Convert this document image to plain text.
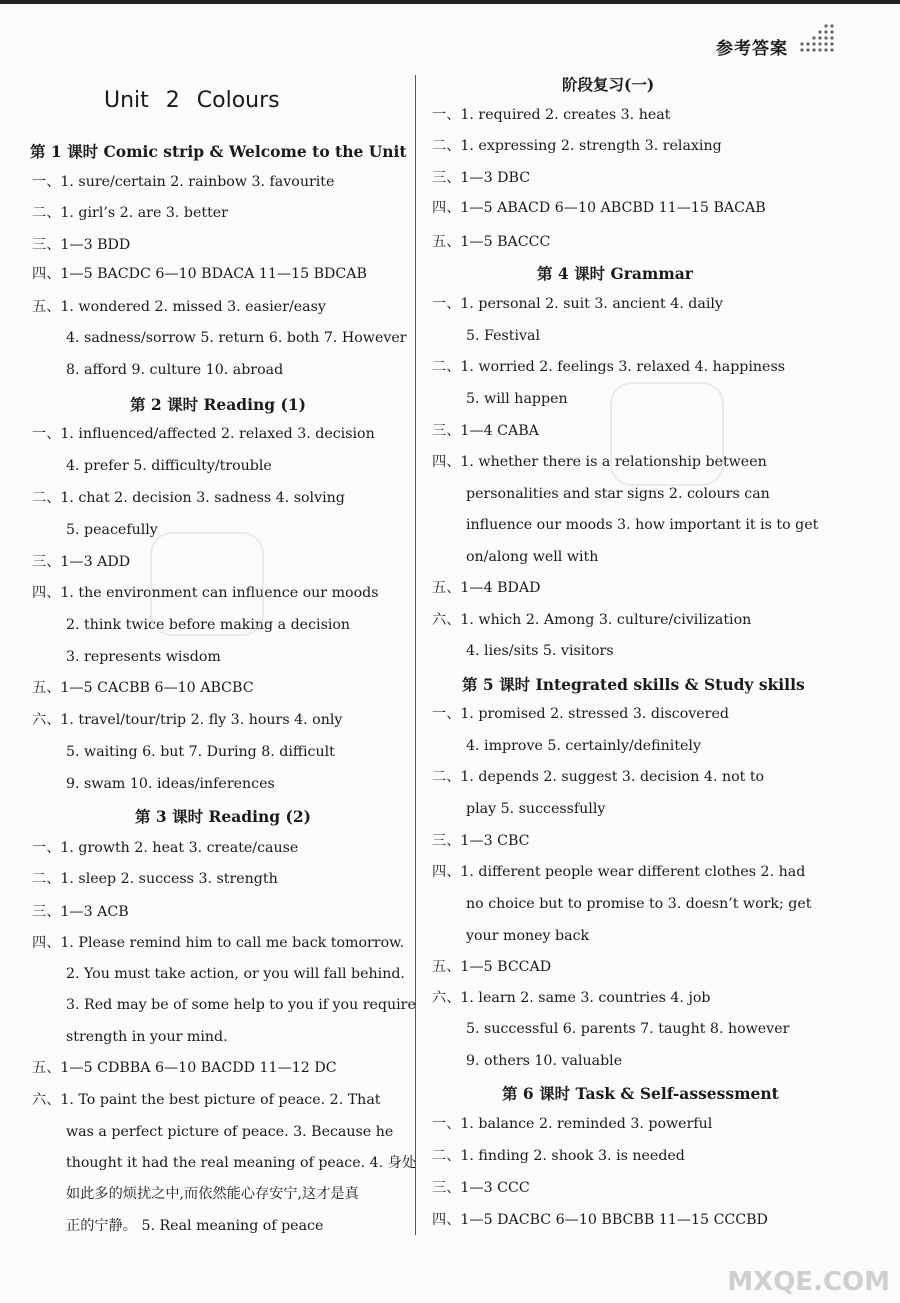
参考答案
Unit 2 Colours
第 1 课时 Comic strip & Welcome to the Unit
一、1. sure/certain 2. rainbow 3. favourite
二、1. girl’s 2. are 3. better
三、1—3 BDD
四、1—5 BACDC 6—10 BDACA 11—15 BDCAB
五、1. wondered 2. missed 3. easier/easy
4. sadness/sorrow 5. return 6. both 7. However
8. afford 9. culture 10. abroad
第 2 课时 Reading (1)
一、1. influenced/affected 2. relaxed 3. decision
4. prefer 5. difficulty/trouble
二、1. chat 2. decision 3. sadness 4. solving
5. peacefully
三、1—3 ADD
四、1. the environment can influence our moods
2. think twice before making a decision
3. represents wisdom
五、1—5 CACBB 6—10 ABCBC
六、1. travel/tour/trip 2. fly 3. hours 4. only
5. waiting 6. but 7. During 8. difficult
9. swam 10. ideas/inferences
第 3 课时 Reading (2)
一、1. growth 2. heat 3. create/cause
二、1. sleep 2. success 3. strength
三、1—3 ACB
四、1. Please remind him to call me back tomorrow.
2. You must take action, or you will fall behind.
3. Red may be of some help to you if you require
strength in your mind.
五、1—5 CDBBA 6—10 BACDD 11—12 DC
六、1. To paint the best picture of peace. 2. That
was a perfect picture of peace. 3. Because he
thought it had the real meaning of peace. 4. 身处
如此多的烦扰之中,而依然能心存安宁,这才是真
正的宁静。 5. Real meaning of peace
阶段复习(一)
一、1. required 2. creates 3. heat
二、1. expressing 2. strength 3. relaxing
三、1—3 DBC
四、1—5 ABACD 6—10 ABCBD 11—15 BACAB
五、1—5 BACCC
第 4 课时 Grammar
一、1. personal 2. suit 3. ancient 4. daily
5. Festival
二、1. worried 2. feelings 3. relaxed 4. happiness
5. will happen
三、1—4 CABA
四、1. whether there is a relationship between
personalities and star signs 2. colours can
influence our moods 3. how important it is to get
on/along well with
五、1—4 BDAD
六、1. which 2. Among 3. culture/civilization
4. lies/sits 5. visitors
第 5 课时 Integrated skills & Study skills
一、1. promised 2. stressed 3. discovered
4. improve 5. certainly/definitely
二、1. depends 2. suggest 3. decision 4. not to
play 5. successfully
三、1—3 CBC
四、1. different people wear different clothes 2. had
no choice but to promise to 3. doesn’t work; get
your money back
五、1—5 BCCAD
六、1. learn 2. same 3. countries 4. job
5. successful 6. parents 7. taught 8. however
9. others 10. valuable
第 6 课时 Task & Self-assessment
一、1. balance 2. reminded 3. powerful
二、1. finding 2. shook 3. is needed
三、1—3 CCC
四、1—5 DACBC 6—10 BBCBB 11—15 CCCBD
MXQE.COM
